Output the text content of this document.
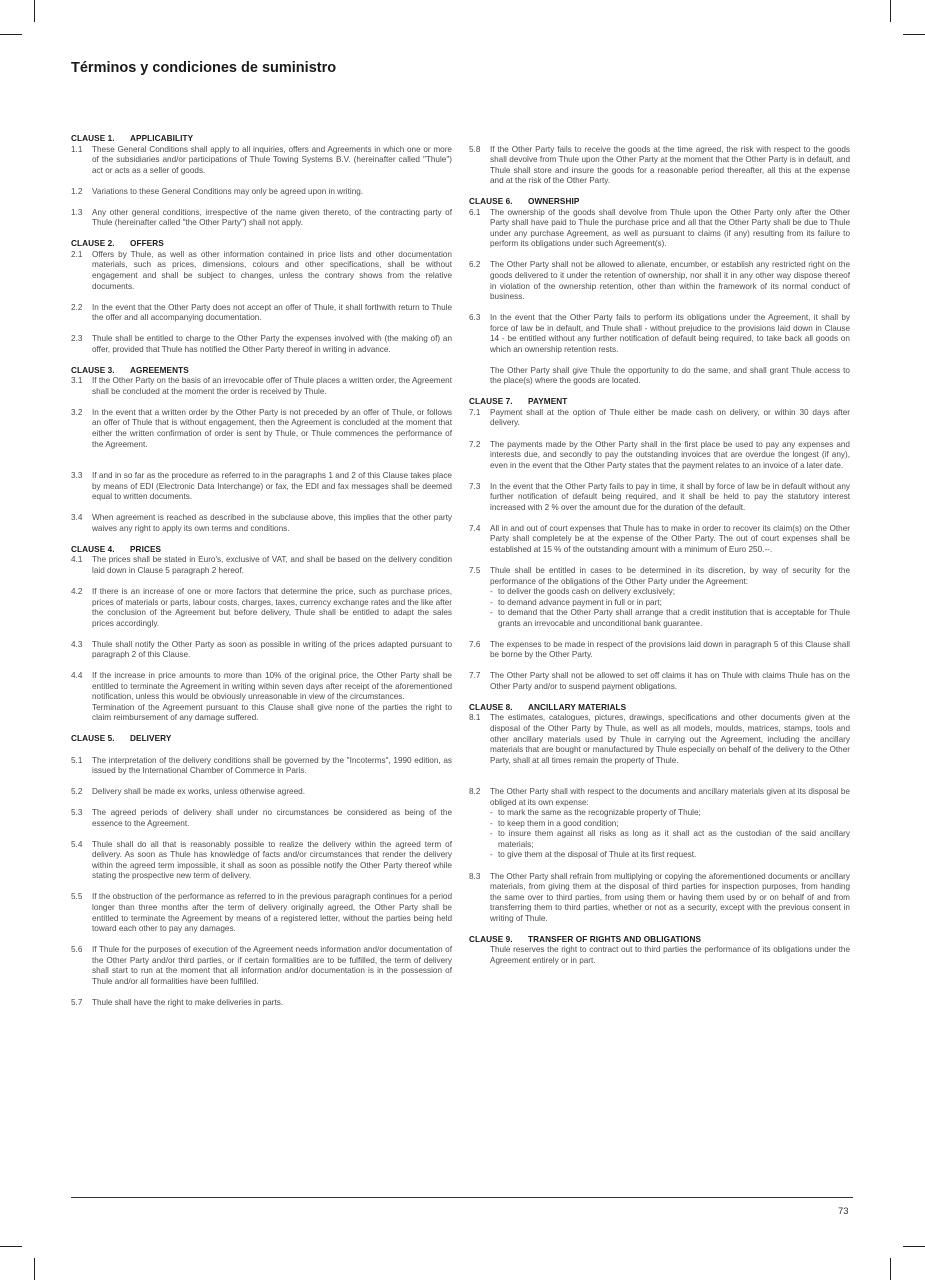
Términos y condiciones de suministro
CLAUSE 1. APPLICABILITY
1.1 These General Conditions shall apply to all inquiries, offers and Agreements in which one or more of the subsidiaries and/or participations of Thule Towing Systems B.V. (hereinafter called "Thule") act or acts as a seller of goods.

1.2 Variations to these General Conditions may only be agreed upon in writing.

1.3 Any other general conditions, irrespective of the name given thereto, of the contracting party of Thule (hereinafter called "the Other Party") shall not apply.

CLAUSE 2. OFFERS
2.1 Offers by Thule, as well as other information contained in price lists and other documentation materials, such as prices, dimensions, colours and other specifications, shall be without engagement and shall be subject to changes, unless the contrary shows from the relative documents.

2.2 In the event that the Other Party does not accept an offer of Thule, it shall forthwith return to Thule the offer and all accompanying documentation.

2.3 Thule shall be entitled to charge to the Other Party the expenses involved with (the making of) an offer, provided that Thule has notified the Other Party thereof in writing in advance.

CLAUSE 3. AGREEMENTS
3.1 If the Other Party on the basis of an irrevocable offer of Thule places a written order, the Agreement shall be concluded at the moment the order is received by Thule.

3.2 In the event that a written order by the Other Party is not preceded by an offer of Thule, or follows an offer of Thule that is without engagement, then the Agreement is concluded at the moment that either the written confirmation of order is sent by Thule, or Thule commences the performance of the Agreement.

3.3 If and in so far as the procedure as referred to in the paragraphs 1 and 2 of this Clause takes place by means of EDI (Electronic Data Interchange) or fax, the EDI and fax messages shall be deemed equal to written documents.

3.4 When agreement is reached as described in the subclause above, this implies that the other party waives any right to apply its own terms and conditions.

CLAUSE 4. PRICES
4.1 The prices shall be stated in Euro's, exclusive of VAT, and shall be based on the delivery condition laid down in Clause 5 paragraph 2 hereof.

4.2 If there is an increase of one or more factors that determine the price, such as purchase prices, prices of materials or parts, labour costs, charges, taxes, currency exchange rates and the like after the conclusion of the Agreement but before delivery, Thule shall be entitled to adapt the sales prices accordingly.

4.3 Thule shall notify the Other Party as soon as possible in writing of the prices adapted pursuant to paragraph 2 of this Clause.

4.4 If the increase in price amounts to more than 10% of the original price, the Other Party shall be entitled to terminate the Agreement in writing within seven days after receipt of the aforementioned notification, unless this would be obviously unreasonable in view of the circumstances.

Termination of the Agreement pursuant to this Clause shall give none of the parties the right to claim reimbursement of any damage suffered.

CLAUSE 5. DELIVERY
5.1 The interpretation of the delivery conditions shall be governed by the "Incoterms", 1990 edition, as issued by the International Chamber of Commerce in Paris.

5.2 Delivery shall be made ex works, unless otherwise agreed.

5.3 The agreed periods of delivery shall under no circumstances be considered as being of the essence to the Agreement.

5.4 Thule shall do all that is reasonably possible to realize the delivery within the agreed term of delivery. As soon as Thule has knowledge of facts and/or circumstances that render the delivery within the agreed term impossible, it shall as soon as possible notify the Other Party thereof while stating the prospective new term of delivery.

5.5 If the obstruction of the performance as referred to in the previous paragraph continues for a period longer than three months after the term of delivery originally agreed, the Other Party shall be entitled to terminate the Agreement by means of a registered letter, without the parties being held toward each other to pay any damages.

5.6 If Thule for the purposes of execution of the Agreement needs information and/or documentation of the Other Party and/or third parties, or if certain formalities are to be fulfilled, the term of delivery shall start to run at the moment that all information and/or documentation is in the possession of Thule and/or all formalities have been fulfilled.

5.7 Thule shall have the right to make deliveries in parts.

5.8 If the Other Party fails to receive the goods at the time agreed, the risk with respect to the goods shall devolve from Thule upon the Other Party at the moment that the Other Party is in default, and Thule shall store and insure the goods for a reasonable period thereafter, all this at the expense and at the risk of the Other Party.

CLAUSE 6. OWNERSHIP
6.1 The ownership of the goods shall devolve from Thule upon the Other Party only after the Other Party shall have paid to Thule the purchase price and all that the Other Party shall be due to Thule under any purchase Agreement, as well as pursuant to claims (if any) resulting from its failure to perform its obligations under such Agreement(s).

6.2 The Other Party shall not be allowed to alienate, encumber, or establish any restricted right on the goods delivered to it under the retention of ownership, nor shall it in any other way dispose thereof in violation of the ownership retention, other than within the framework of its normal conduct of business.

6.3 In the event that the Other Party fails to perform its obligations under the Agreement, it shall by force of law be in default, and Thule shall - without prejudice to the provisions laid down in Clause 14 - be entitled without any further notification of default being required, to take back all goods on which an ownership retention rests.

The Other Party shall give Thule the opportunity to do the same, and shall grant Thule access to the place(s) where the goods are located.

CLAUSE 7. PAYMENT
7.1 Payment shall at the option of Thule either be made cash on delivery, or within 30 days after delivery.

7.2 The payments made by the Other Party shall in the first place be used to pay any expenses and interests due, and secondly to pay the outstanding invoices that are overdue the longest (if any), even in the event that the Other Party states that the payment relates to an invoice of a later date.

7.3 In the event that the Other Party fails to pay in time, it shall by force of law be in default without any further notification of default being required, and it shall be held to pay the statutory interest increased with 2 % over the amount due for the duration of the default.

7.4 All in and out of court expenses that Thule has to make in order to recover its claim(s) on the Other Party shall completely be at the expense of the Other Party. The out of court expenses shall be established at 15 % of the outstanding amount with a minimum of Euro 250.--.

7.5 Thule shall be entitled in cases to be determined in its discretion, by way of security for the performance of the obligations of the Other Party under the Agreement:

- to deliver the goods cash on delivery exclusively;
- to demand advance payment in full or in part;
- to demand that the Other Party shall arrange that a credit institution that is acceptable for Thule grants an irrevocable and unconditional bank guarantee.
7.6 The expenses to be made in respect of the provisions laid down in paragraph 5 of this Clause shall be borne by the Other Party.

7.7 The Other Party shall not be allowed to set off claims it has on Thule with claims Thule has on the Other Party and/or to suspend payment obligations.

CLAUSE 8. ANCILLARY MATERIALS
8.1 The estimates, catalogues, pictures, drawings, specifications and other documents given at the disposal of the Other Party by Thule, as well as all models, moulds, matrices, stamps, tools and other ancillary materials used by Thule in carrying out the Agreement, including the ancillary materials that are bought or manufactured by Thule especially on behalf of the delivery to the Other Party, shall at all times remain the property of Thule.

8.2 The Other Party shall with respect to the documents and ancillary materials given at its disposal be obliged at its own expense:

- to mark the same as the recognizable property of Thule;
- to keep them in a good condition;
- to insure them against all risks as long as it shall act as the custodian of the said ancillary materials;
- to give them at the disposal of Thule at its first request.
8.3 The Other Party shall refrain from multiplying or copying the aforementioned documents or ancillary materials, from giving them at the disposal of third parties for inspection purposes, from handing the same over to third parties, from using them or having them used by or on behalf of and from transferring them to third parties, whether or not as a security, except with the previous consent in writing of Thule.

CLAUSE 9. TRANSFER OF RIGHTS AND OBLIGATIONS

Thule reserves the right to contract out to third parties the performance of its obligations under the Agreement entirely or in part.

73
